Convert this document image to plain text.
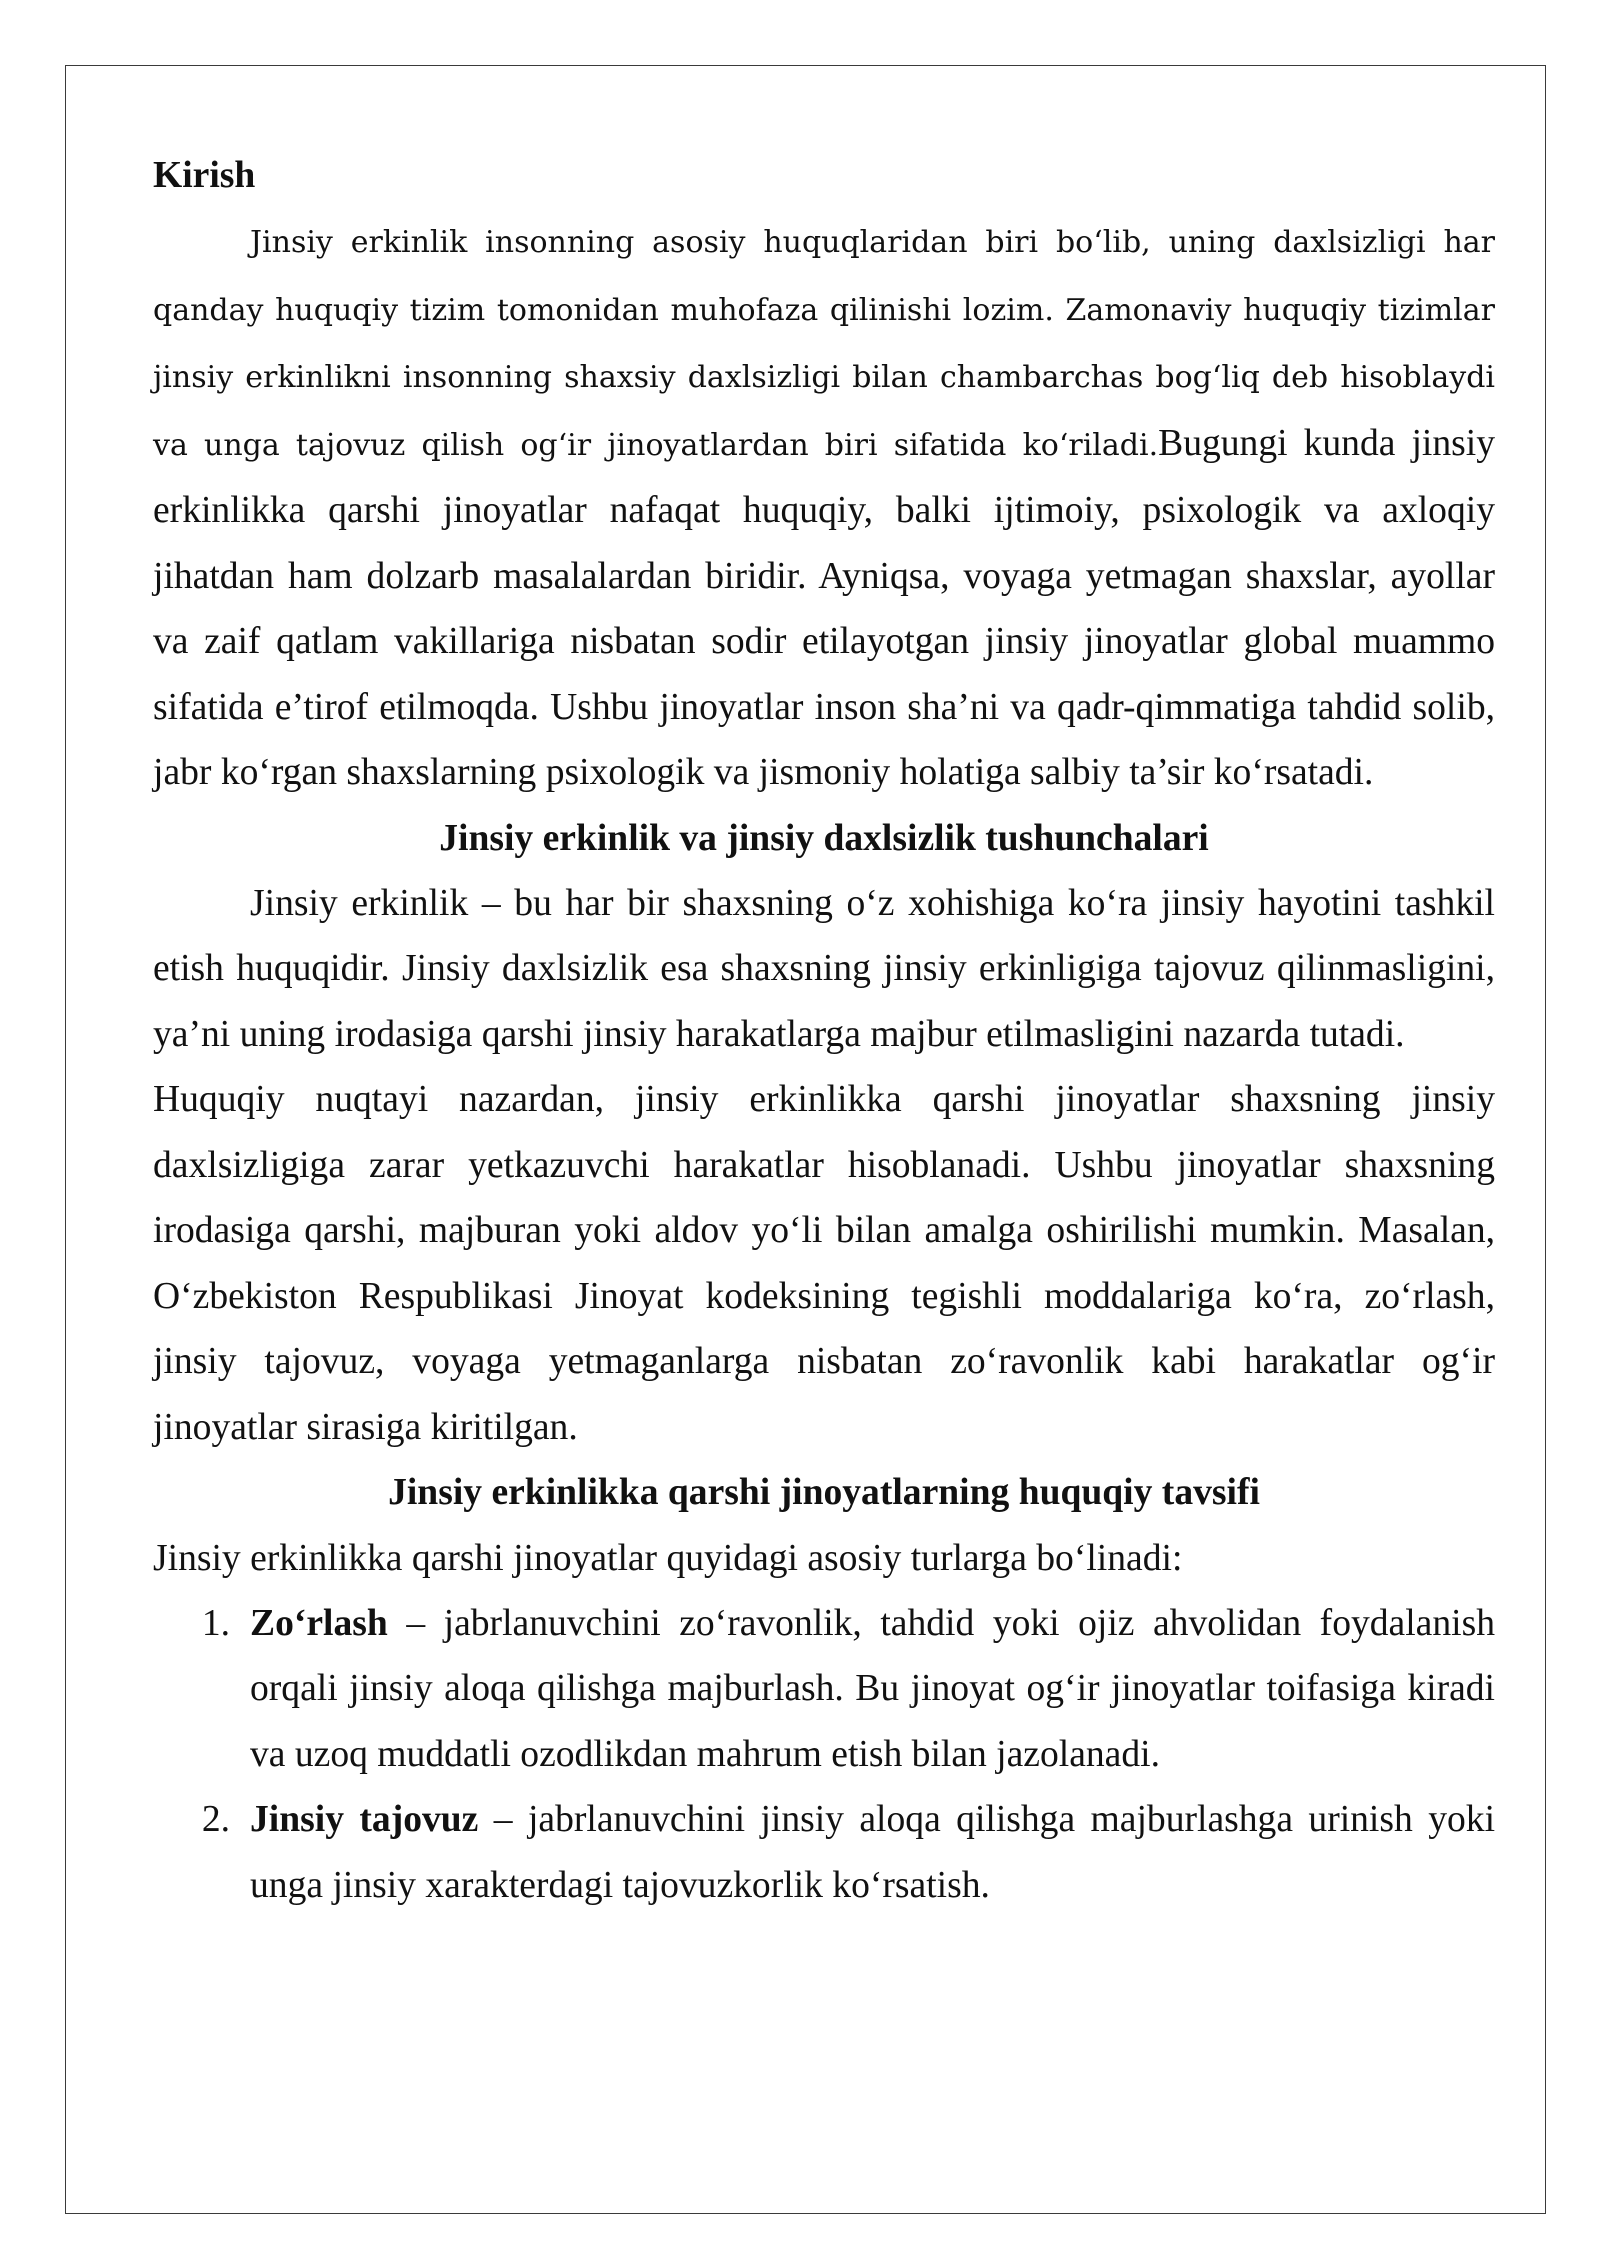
Kirish

Jinsiy erkinlik insonning asosiy huquqlaridan biri bo‘lib, uning daxlsizligi har qanday huquqiy tizim tomonidan muhofaza qilinishi lozim. Zamonaviy huquqiy tizimlar jinsiy erkinlikni insonning shaxsiy daxlsizligi bilan chambarchas bog‘liq deb hisoblaydi va unga tajovuz qilish og‘ir jinoyatlardan biri sifatida ko‘riladi.Bugungi kunda jinsiy erkinlikka qarshi jinoyatlar nafaqat huquqiy, balki ijtimoiy, psixologik va axloqiy jihatdan ham dolzarb masalalardan biridir. Ayniqsa, voyaga yetmagan shaxslar, ayollar va zaif qatlam vakillariga nisbatan sodir etilayotgan jinsiy jinoyatlar global muammo sifatida e’tirof etilmoqda. Ushbu jinoyatlar inson sha’ni va qadr-qimmatiga tahdid solib, jabr ko‘rgan shaxslarning psixologik va jismoniy holatiga salbiy ta’sir ko‘rsatadi.

Jinsiy erkinlik va jinsiy daxlsizlik tushunchalari

Jinsiy erkinlik – bu har bir shaxsning o‘z xohishiga ko‘ra jinsiy hayotini tashkil etish huquqidir. Jinsiy daxlsizlik esa shaxsning jinsiy erkinligiga tajovuz qilinmasligini, ya’ni uning irodasiga qarshi jinsiy harakatlarga majbur etilmasligini nazarda tutadi.

Huquqiy nuqtayi nazardan, jinsiy erkinlikka qarshi jinoyatlar shaxsning jinsiy daxlsizligiga zarar yetkazuvchi harakatlar hisoblanadi. Ushbu jinoyatlar shaxsning irodasiga qarshi, majburan yoki aldov yo‘li bilan amalga oshirilishi mumkin. Masalan, O‘zbekiston Respublikasi Jinoyat kodeksining tegishli moddalariga ko‘ra, zo‘rlash, jinsiy tajovuz, voyaga yetmaganlarga nisbatan zo‘ravonlik kabi harakatlar og‘ir jinoyatlar sirasiga kiritilgan.

Jinsiy erkinlikka qarshi jinoyatlarning huquqiy tavsifi

Jinsiy erkinlikka qarshi jinoyatlar quyidagi asosiy turlarga bo‘linadi:

1. Zo‘rlash – jabrlanuvchini zo‘ravonlik, tahdid yoki ojiz ahvolidan foydalanish orqali jinsiy aloqa qilishga majburlash. Bu jinoyat og‘ir jinoyatlar toifasiga kiradi va uzoq muddatli ozodlikdan mahrum etish bilan jazolanadi.
2. Jinsiy tajovuz – jabrlanuvchini jinsiy aloqa qilishga majburlashga urinish yoki unga jinsiy xarakterdagi tajovuzkorlik ko‘rsatish.
